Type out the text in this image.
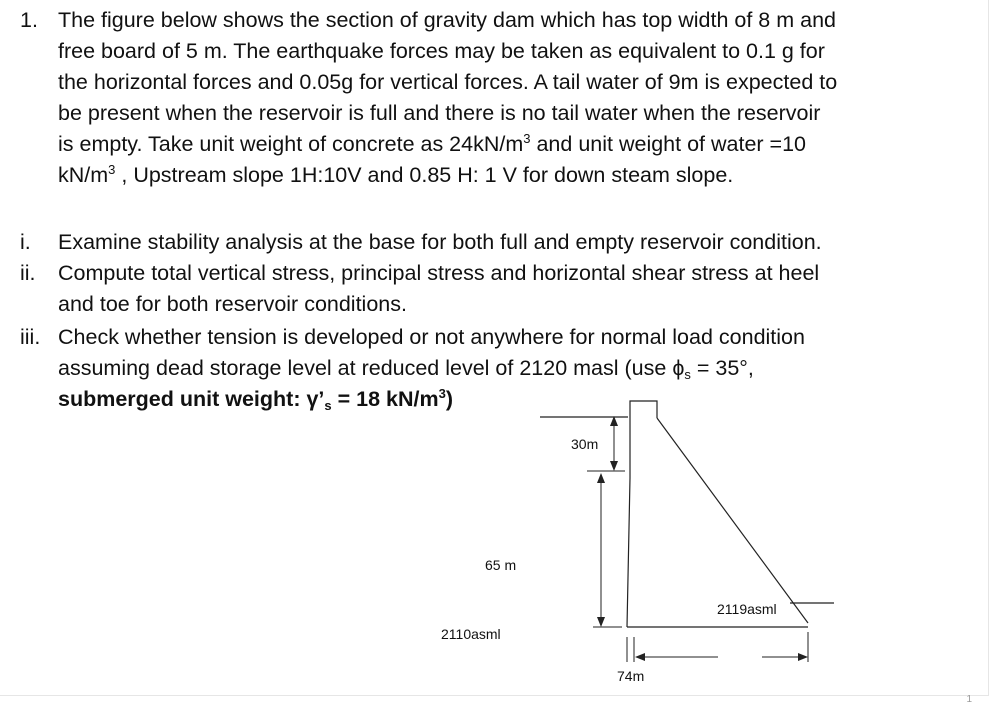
1. The figure below shows the section of gravity dam which has top width of 8 m and

free board of 5 m. The earthquake forces may be taken as equivalent to 0.1 g for

the horizontal forces and 0.05g for vertical forces. A tail water of 9m is expected to

be present when the reservoir is full and there is no tail water when the reservoir

is empty. Take unit weight of concrete as $24kN/m^3$ and unit weight of water =10

$kN/m^3$ , Upstream slope 1H:10V and 0.85 H: 1 V for down steam slope.

i. Examine stability analysis at the base for both full and empty reservoir condition.

ii. Compute total vertical stress, principal stress and horizontal shear stress at heel

and toe for both reservoir conditions.

iii. Check whether tension is developed or not anywhere for normal load condition

assuming dead storage level at reduced level of 2120 masl (use $\phi_s = 35^\circ$,

submerged unit weight: $\gamma’_s = 18$ $kN/m^3$)

30m
65 m
2110asml
2119asml
74m
1
